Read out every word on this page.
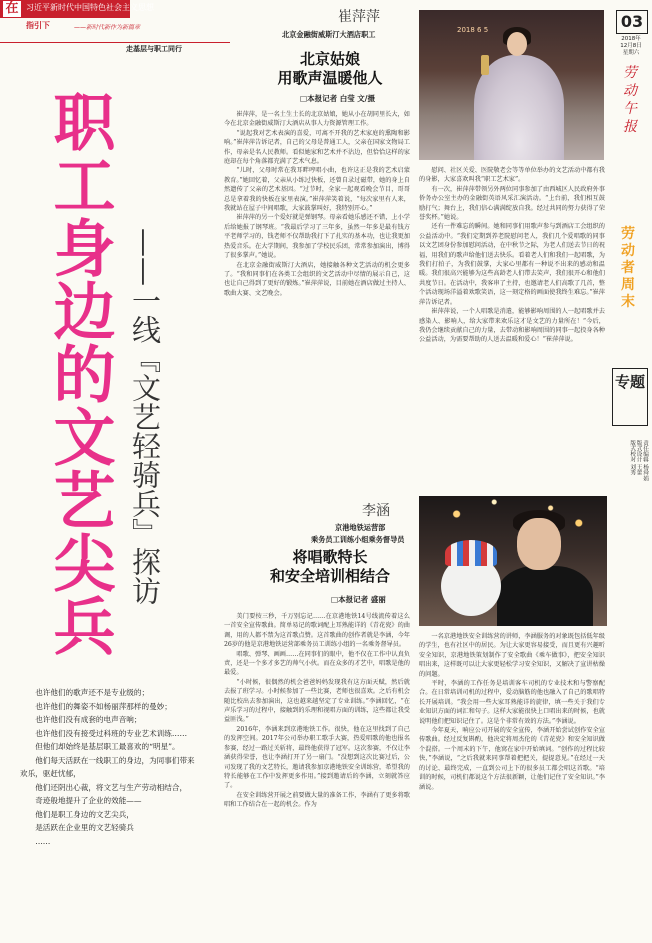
在 习近平新时代中国特色社会主义思想
指引下	——新时代新作为新篇章
走基层与职工同行
职工身边的文艺尖兵 ——一线『文艺轻骑兵』探访

也许他们的歌声还不是专业级的；

也许他们的舞姿不如杨丽萍那样的曼妙；

也许他们没有成套的电声音响；

也许他们没有接受过科班的专业艺术训练……

但他们却始终是基层职工最喜欢的“明星”。

他们每天活跃在一线职工的身边，为同事们带来欢乐，驱赶忧郁，

他们还阴出心裁，将文艺与生产劳动相结合，

奇迹般地提升了企业的效能——

他们是职工身边的文艺尖兵，

是活跃在企业里的文艺轻骑兵

……

崔萍萍
北京金融街威斯汀大酒店职工
北京姑娘
用歌声温暖他人
□本报记者 白莹 文/摄
2018 6 5

崔萍萍，是一名土生土长的北京姑娘，她从小在胡同里长大，如今在北京金融街威斯汀大酒店从事人力资源管理工作。

“说起我对艺术表演的喜爱，可离不开我的艺术家庭的熏陶和影响。”崔萍萍告诉记者，自己的父母是普通工人，父亲在国家文物局工作，母亲是名人民教师。看似她家和艺术并不沾边，但恰恰这样的家庭却在每个角落都充满了艺术气息。

“儿时，父母时常在我耳畔哼唱小曲，也许这正是我的艺术启蒙教育。”她回忆着，父亲从小练过快板，还曾自录过磁带，她的身上自然遗传了父亲的艺术基因。“过节时，全家一起观看晚会节目，哥哥总是拿着我的快板在家里表演。”崔萍萍笑着说，“每次家里有人来，我就站在屋子中间唱歌，大家鼓掌叫好，我特别开心。”

崔萍萍的另一个爱好就是弹钢琴。母亲看她乐感还不错，上小学后给她报了钢琴班。“我最后学习了三年多，虽然一年多是最有钱方平老师学习的，钱老师不仅帮助我打下了扎实的基本功，也让我更加热爱音乐。在大学期间，我参加了学校民乐团，常常参加演出，博得了很多掌声。”她说。

在北京金融街威斯汀大酒店，她接触各种文艺活动的机会更多了。“我和同事们在各类工会组织的文艺活动中尽情的展示自己，这也让自己得到了更好的锻炼。”崔萍萍说，目前她在酒店做过主持人、歌曲大赛、文艺晚会。

慰问、社区关爱、医院敬老会等等单位举办的文艺活动中都有我的身影，大家喜欢叫我“职工艺术家”。

有一次，崔萍萍带领另外两位同事参加了由西城区人民政府外事侨务办公室主办的金融街英语风采汇演活动。“上台前，我们相互鼓励打气；舞台上，我们信心满满绽放自我。经过共同的努力获得了荣誉奖杯。”她说。

还有一件难忘的瞬间。她和同事们用歌声参与到酒店工会组织的公益活动中。“我们定期到养老院慰问老人，我们几个爱唱歌的同事以文艺团身份参加慰问活动，在中秋节之际，为老人们送去节日的祝福，用我们的歌声给他们送去快乐。看着老人们和我们一起唱歌，为我们打拍子，为我们鼓掌，大家心里都有一种说不出来的感动和温暖。我们很高兴能够为这些高龄老人们带去笑声，我们很开心和他们共度节日。在活动中，我客串了主持，也邀请老人们高歌了几首，整个活动现场洋溢着欢歌笑语，这一刻定格的画面使我终生难忘。”崔萍萍告诉记者。

崔萍萍说，一个人唱歌是消遣，能够影响周围的人一起唱歌并去感染人、影响人，给大家带来欢乐这才是文艺的力量所在！“今后，我仍会继续贡献自己的力量，去带动和影响周围的同事一起投身各种公益活动，为需要帮助的人送去温暖和爱心！”崔萍萍说。

李涵
京港地铁运营部
乘务员工训练小组乘务督导员
将唱歌特长
和安全培训相结合
□本报记者 盛丽

美门要按三秒，千万别忘记……在京港地铁14号线流传着这么一首安全宣传歌曲。简单易记的歌词配上耳熟能详的《青花瓷》的曲调，用的人都不禁为这首歌点赞。这首歌曲的创作者就是李涵，今年26岁的他是京港地铁运营部乘务员工训练小组的一名乘务督导员。

唱歌、弹琴、画画……在同事们的眼中，他不仅在工作中认真负责，还是一个多才多艺的帅气小伙。而在众多的才艺中，唱歌是他的最爱。

“小时候，很偶然的机会爸爸妈妈发现我有这方面天赋，然后就去报了班学习。小时候参加了一些比赛，老师也很喜欢。之后有机会随比校出去参加演出，这也越来越坚定了专业训练。”李涵回忆，“在声乐学习的过程中，接触到的乐理和视唱方面的训练，这些都让我受益匪浅。”

2016年，李涵来到京港地铁工作。很快，他在这里找到了自己的发挥空间。2017年公司举办职工歌手大赛，热爱唱歌的他也报名参赛，经过一路过关斩将，最终他获得了冠军。这次参赛，不仅让李涵获得荣誉，也让李涵打开了另一扇门。“没想到这次比赛过后，公司发现了我的文艺特长，邀请我参加京港地铁安全训练营，希望我的特长能够在工作中发挥更多作用。”接到邀请后的李涵，立刻就答应了。

在安全训练营开展之前要做大量的准备工作，李涵有了更多将歌唱和工作结合在一起的机会。作为

一名京港地铁安全训练营的讲师，李涵服务的对象既包括低年级的学生，也有社区中的居民。为让大家更容易接受，而且更有兴趣听安全知识，京港地铁策划制作了安全歌曲《乘车做事》，把安全知识唱出来，这样既可以让大家更轻松学习安全知识，又解决了宣讲枯燥的问题。

平时，李涵的工作任务是培训客车司机的专业技术和与警察配合。在日常培训司机的过程中，爱动脑筋的他也融入了自己的歌唱特长开展培训。“我会用一些大家耳熟能详的旋律，填一些关于我们专业知识方面的词汇和句子。这样大家能很快上口唱出来的时候，也就说明他们把知识记住了。这是个非常有效的方法。”李涵说。

今年夏天，响应公司开展的安全宣传，李涵开始尝试创作安全宣传歌曲。经过反复斟酌，他决定将周杰伦的《青花瓷》和安全知识做个混搭。一个周末的下午，他窝在家中开始填词。“创作的过程比较快，”李涵说，“之后我就来同事帮着把把关，提提意见。”在经过一天的讨论、最终完成，一直到公司上下的很多员工都会唱这首歌。“培训的时候，司机们都说这个方法很新颖，让他们记住了安全知识。”李涵说。

03
2018年
12月8日
星期六
劳动午报
劳动者周末
专题
责任编辑 杨舜娟
版式设计 王蕾
版式校对 刘秀
